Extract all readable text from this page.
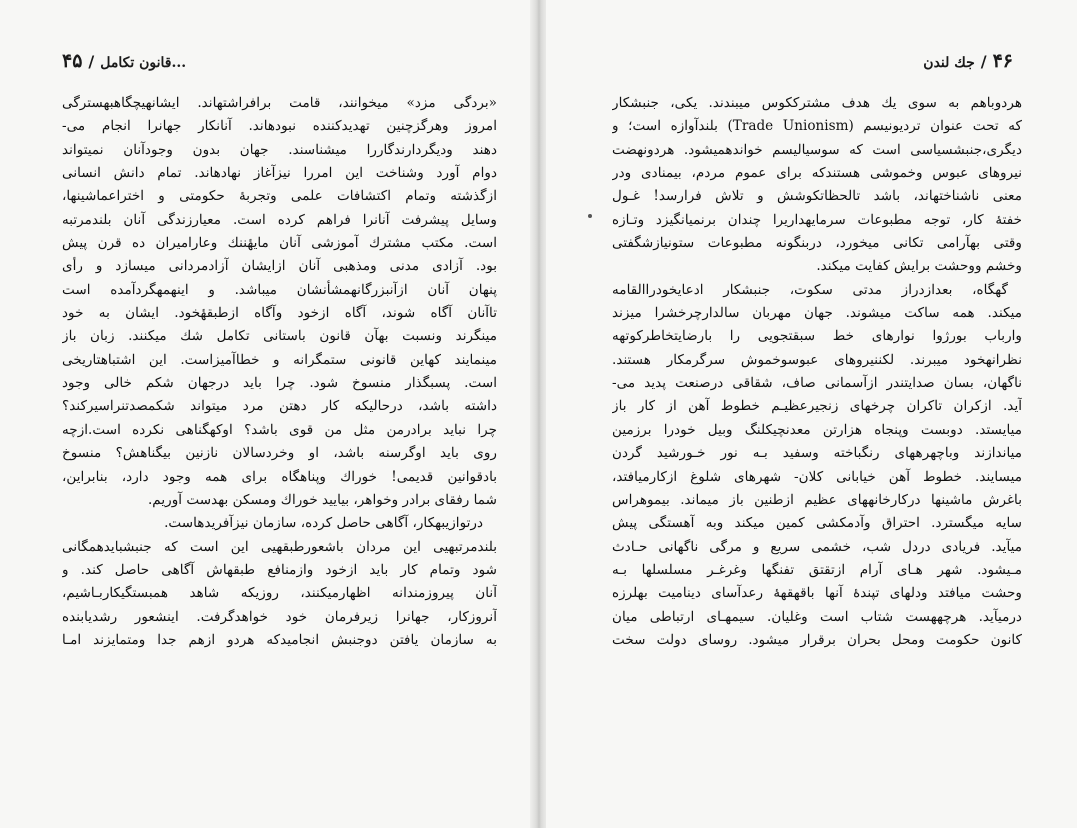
۴۵ / قانون تکامل...
«بردگی مزد» میخوانند، قامت برافراشتهاند. ایشانهیچگاهبهسترگی
امروز وهرگزچنین تهدیدکننده نبودهاند. آنانکار جهانرا انجام می-
دهند ودیگردارندگاررا میشناسند. جهان بدون وجودآنان نمیتواند
دوام آورد وشناخت این امررا نیزآغاز نهادهاند. تمام دانش انسانی
ازگذشته وتمام اکتشافات علمی وتجربهٔ حکومتی و اختراعماشینها،
وسایل پیشرفت آنانرا فراهم کرده است. معیارزندگی آنان بلندمرتبه
است. مکتب مشترك آموزشی آنان مایهٔننك وعارامیران ده قرن پیش
بود. آزادی مدنی ومذهبی آنان ازایشان آزادمردانی میسازد و رأی
پنهان آنان ازآنبزرگانهمشأنشان میباشد. و اینهمهگردآمده است
تاآنان آگاه شوند، آگاه ازخود وآگاه ازطبقهٔخود. ایشان به خود
مینگرند ونسبت بهآن قانون باستانی تکامل شك میکنند. زبان باز
مینمایند کهاین قانونی ستمگرانه و خطاآمیزاست. این اشتباهتاریخی
است. پسبگذار منسوخ شود. چرا باید درجهان شکم خالی وجود
داشته باشد، درحالیکه کار دهتن مرد میتواند شکمصدتنراسیرکند؟
چرا نباید برادرمن مثل من قوی باشد؟ اوکهگناهی نکرده است.ازچه
روی باید اوگرسنه باشد، او وخردسالان نازنین بیگناهش؟ منسوخ
بادقوانین قدیمی! خوراك وپناهگاه برای همه وجود دارد، بنابراین،
شما رفقای برادر وخواهر، بیایید خوراك ومسکن بهدست آوریم.
درتوازیبهکار، آگاهی حاصل کرده، سازمان نیزآفریدهاست.
بلندمرتبهیی این مردان باشعورطبقهیی این است که جنبشبایدهمگانی
شود وتمام کار باید ازخود وازمنافع طبقهاش آگاهی حاصل کند. و
آنان پیروزمندانه اظهارمیکنند، روزیکه شاهد همبستگیکاربـاشیم،
آنروزکار، جهانرا زیرفرمان خود خواهدگرفت. اینشعور رشدیابنده
به سازمان یافتن دوجنبش انجامیدکه هردو ازهم جدا ومتمایزند امـا
۴۶/جك لندن
هردوباهم به سوی یك هدف مشترككوس میبندند. یکی، جنبشکار
که تحت عنوان تردیونیسم (Trade Unionism) بلندآوازه است؛ و
دیگری،جنبشسیاسی است که سوسیالیسم خواندهمیشود. هردونهضت
نیروهای عبوس وخموشی هستندکه برای عموم مردم، بیمنادی ودر
معنی ناشناختهاند، باشد تالحظاتکوشش و تلاش فرارسد! غـول
خفتهٔ کار، توجه مطبوعات سرمایهداریرا چندان برنمیانگیزد وتـازه
وقتی بهآرامی تکانی میخورد، دربنگونه مطبوعات ستونیازشگفتی
وخشم ووحشت برایش کفایت میکند.
گهگاه، بعدازدراز مدتی سکوت، جنبشکار ادعایخودراالقامه
میکند. همه ساکت میشوند. جهان مهربان سالدارچرخشرا میزند
وارباب بورژوا نوارهای خط سبقتجویی را بارضایتخاطرکوتهه
نظرانهخود میبرند. لکننیروهای عبوسوخموش سرگرمکار هستند.
ناگهان، بسان صدایتندر ازآسمانی صاف، شقاقی درصنعت پدید می-
آید. ازکران تاکران چرخهای زنجیرعظیـم خطوط آهن از کار باز
میایستد. دوبست وپنجاه هزارتن معدنچیکلنگ وبیل خودرا برزمین
میاندازند وباچهرههای رنگباخته وسفید بـه نور خـورشید گردن
میسایند. خطوط آهن خیابانی کلان- شهرهای شلوغ ازکارمیافتد،
باغرش ماشینها درکارخانههای عظیم ازطنین باز میماند. بیموهراس
سایه میگسترد. احتراق وآدمکشی کمین میکند وبه آهستگی پیش
میآید. فریادی دردل شب، خشمی سریع و مرگی ناگهانی حـادث
مـیشود. شهر هـای آرام ازتقتق تفنگها وغرغـر مسلسلها بـه
وحشت میافتد ودلهای تپندهٔ آنها باقهقههٔ رعدآسای دینامیت بهلرزه
درمیآید. هرچههست شتاب است وغلیان. سیمهـای ارتباطی میان
کانون حکومت ومحل بحران برقرار میشود. روسای دولت سخت
